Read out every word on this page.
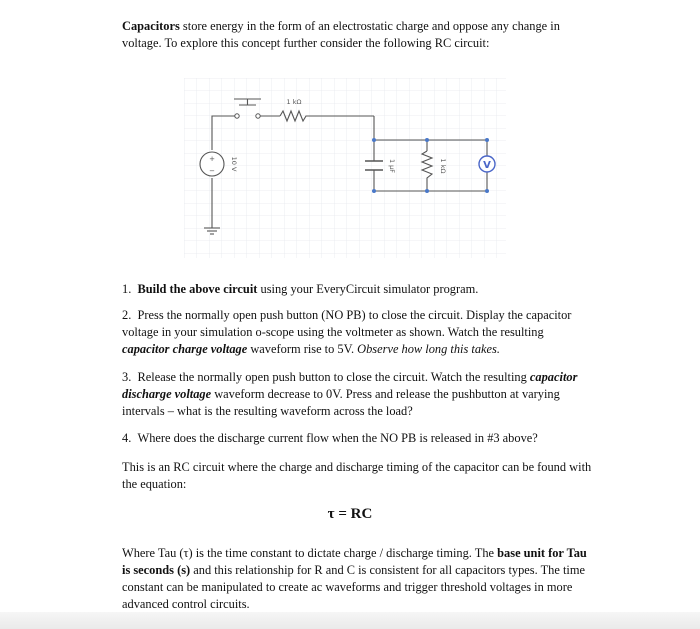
Capacitors store energy in the form of an electrostatic charge and oppose any change in voltage. To explore this concept further consider the following RC circuit:

1 kΩ
+
− 10 V	1 µF	1 kΩ	V

1. Build the above circuit using your EveryCircuit simulator program.

2. Press the normally open push button (NO PB) to close the circuit. Display the capacitor voltage in your simulation o-scope using the voltmeter as shown. Watch the resulting capacitor charge voltage waveform rise to 5V. Observe how long this takes.

3. Release the normally open push button to close the circuit. Watch the resulting capacitor discharge voltage waveform decrease to 0V. Press and release the pushbutton at varying intervals – what is the resulting waveform across the load?

4. Where does the discharge current flow when the NO PB is released in #3 above?

This is an RC circuit where the charge and discharge timing of the capacitor can be found with the equation:

τ = RC

Where Tau (τ) is the time constant to dictate charge / discharge timing. The base unit for Tau is seconds (s) and this relationship for R and C is consistent for all capacitors types. The time constant can be manipulated to create ac waveforms and trigger threshold voltages in more advanced control circuits.
